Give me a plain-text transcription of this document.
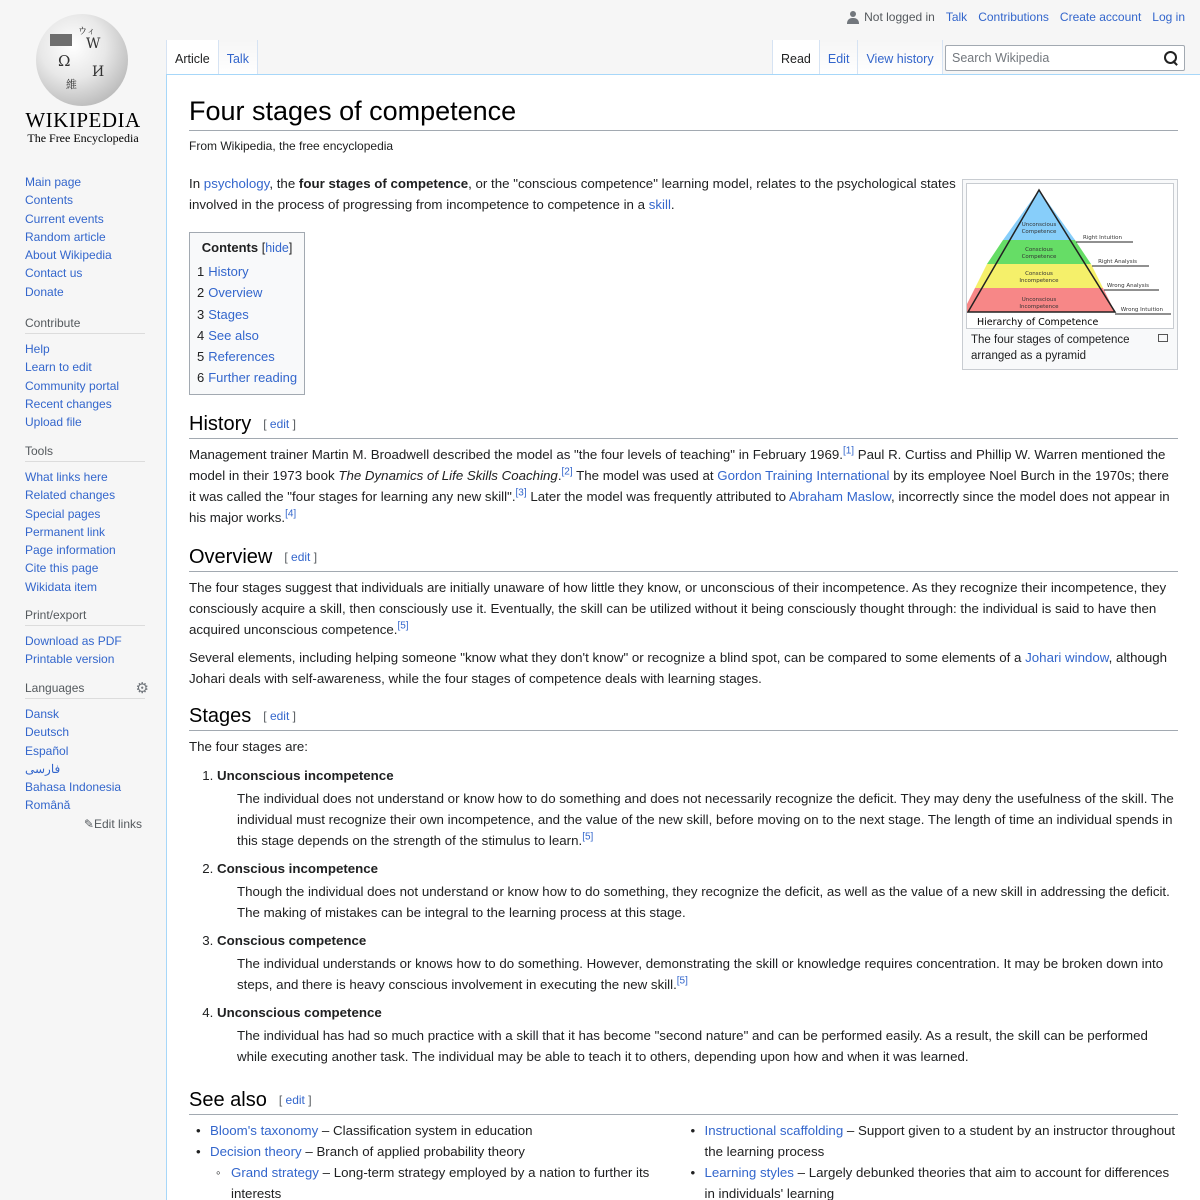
Ω
W
И
維
ウィ
WIKIPEDIA
The Free Encyclopedia
Main page
Contents
Current events
Random article
About Wikipedia
Contact us
Donate
Contribute
Help
Learn to edit
Community portal
Recent changes
Upload file
Tools
What links here
Related changes
Special pages
Permanent link
Page information
Cite this page
Wikidata item
Print/export
Download as PDF
Printable version
Languages	⚙
Dansk
Deutsch
Español
فارسی
Bahasa Indonesia
Română
✎Edit links
Not logged in Talk Contributions Create account Log in
Article	Talk	Read	Edit	View history	Search Wikipedia
Four stages of competence
From Wikipedia, the free encyclopedia
Unconscious
Competence
Conscious
Competence
Conscious
Incompetence
Unconscious
Incompetence
Right Intuition
Right Analysis
Wrong Analysis
Wrong Intuition
Hierarchy of Competence
The four stages of competence arranged as a pyramid

In psychology, the four stages of competence, or the "conscious competence" learning model, relates to the psychological states involved in the process of progressing from incompetence to competence in a skill.

Contents [hide]
1 History
2 Overview
3 Stages
4 See also
5 References
6 Further reading
History [ edit ]

Management trainer Martin M. Broadwell described the model as "the four levels of teaching" in February 1969.[1] Paul R. Curtiss and Phillip W. Warren mentioned the model in their 1973 book The Dynamics of Life Skills Coaching.[2] The model was used at Gordon Training International by its employee Noel Burch in the 1970s; there it was called the "four stages for learning any new skill".[3] Later the model was frequently attributed to Abraham Maslow, incorrectly since the model does not appear in his major works.[4]

Overview [ edit ]

The four stages suggest that individuals are initially unaware of how little they know, or unconscious of their incompetence. As they recognize their incompetence, they consciously acquire a skill, then consciously use it. Eventually, the skill can be utilized without it being consciously thought through: the individual is said to have then acquired unconscious competence.[5]

Several elements, including helping someone "know what they don't know" or recognize a blind spot, can be compared to some elements of a Johari window, although Johari deals with self-awareness, while the four stages of competence deals with learning stages.

Stages [ edit ]

The four stages are:

1. Unconscious incompetence
The individual does not understand or know how to do something and does not necessarily recognize the deficit. They may deny the usefulness of the skill. The individual must recognize their own incompetence, and the value of the new skill, before moving on to the next stage. The length of time an individual spends in this stage depends on the strength of the stimulus to learn.[5]
2. Conscious incompetence
Though the individual does not understand or know how to do something, they recognize the deficit, as well as the value of a new skill in addressing the deficit. The making of mistakes can be integral to the learning process at this stage.
3. Conscious competence
The individual understands or knows how to do something. However, demonstrating the skill or knowledge requires concentration. It may be broken down into steps, and there is heavy conscious involvement in executing the new skill.[5]
4. Unconscious competence
The individual has had so much practice with a skill that it has become "second nature" and can be performed easily. As a result, the skill can be performed while executing another task. The individual may be able to teach it to others, depending upon how and when it was learned.
See also [ edit ]
• Bloom's taxonomy – Classification system in education
• Decision theory – Branch of applied probability theory
◦ Grand strategy – Long-term strategy employed by a nation to further its interests
• Instructional scaffolding – Support given to a student by an instructor throughout the learning process
• Learning styles – Largely debunked theories that aim to account for differences in individuals' learning
